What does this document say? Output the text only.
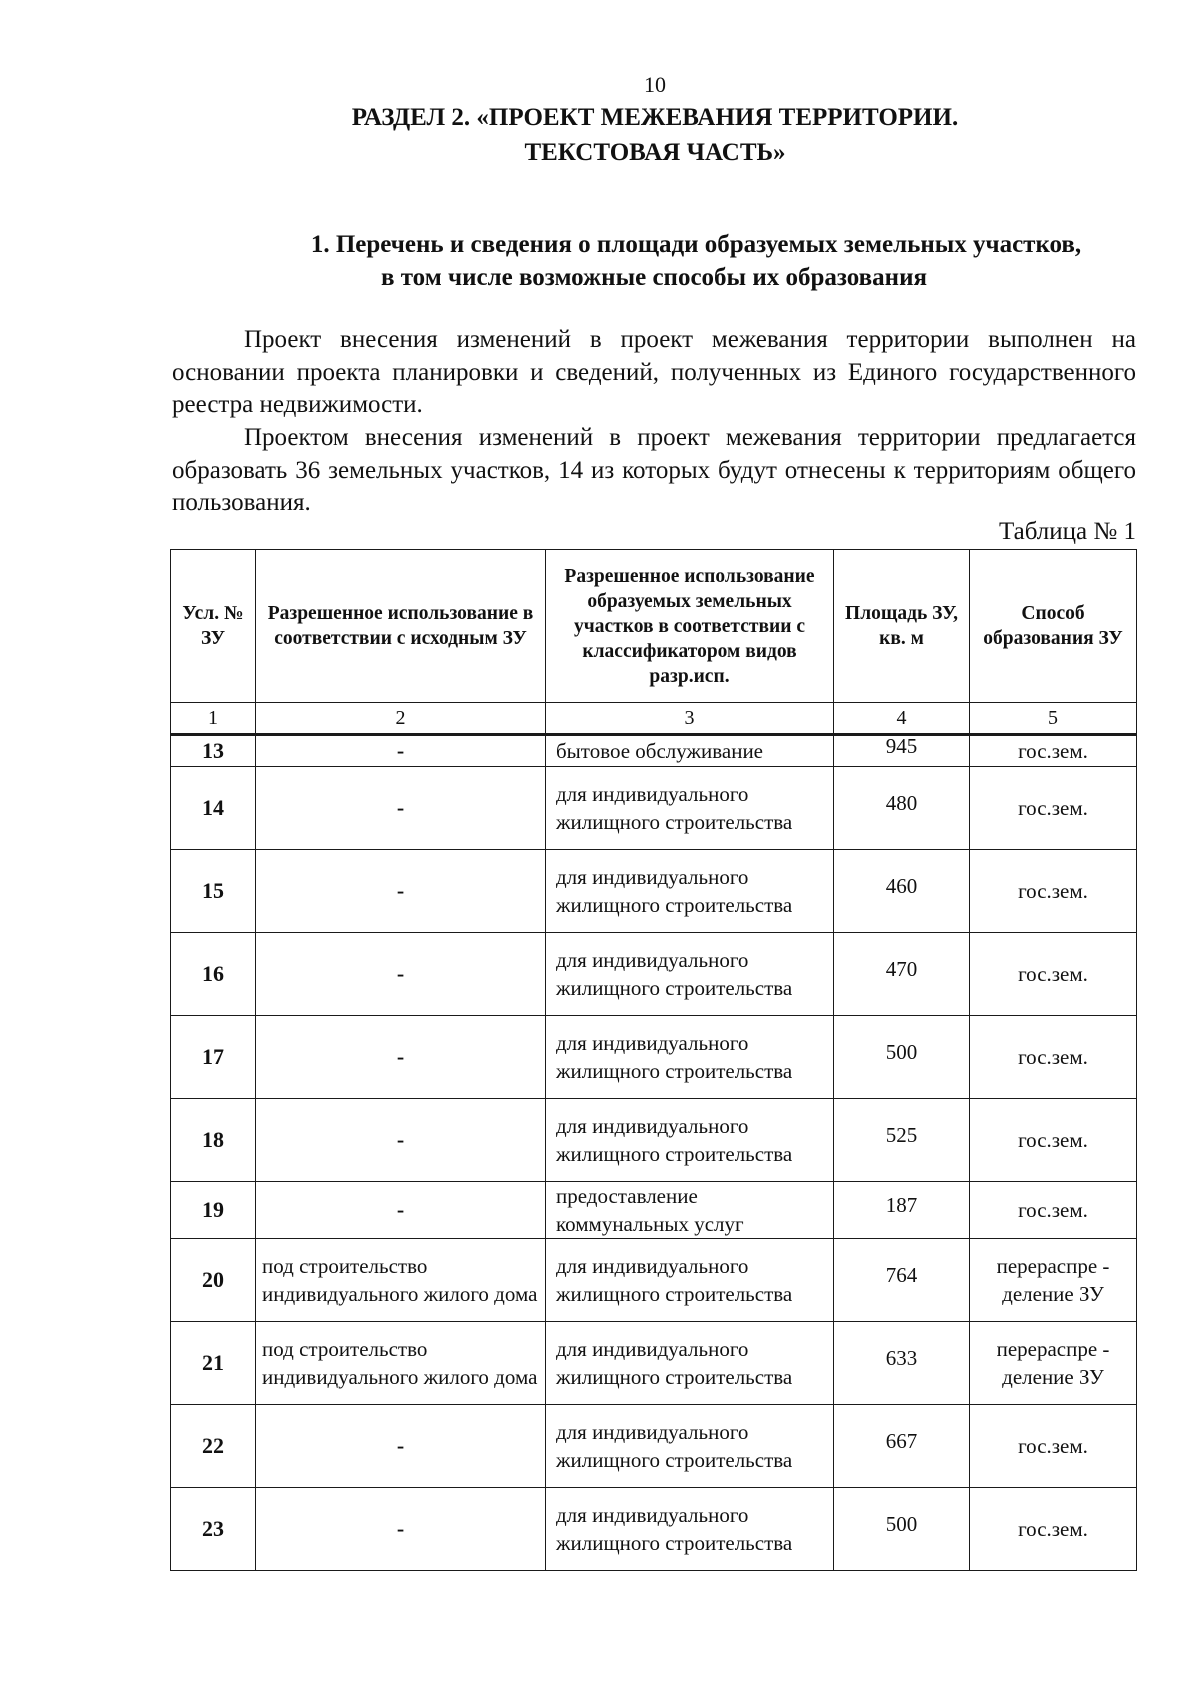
10
РАЗДЕЛ 2. «ПРОЕКТ МЕЖЕВАНИЯ ТЕРРИТОРИИ.
ТЕКСТОВАЯ ЧАСТЬ»
1. Перечень и сведения о площади образуемых земельных участков,
в том числе возможные способы их образования

Проект внесения изменений в проект межевания территории выполнен на основании проекта планировки и сведений, полученных из Единого государственного реестра недвижимости.

Проектом внесения изменений в проект межевания территории предлагается образовать 36 земельных участков, 14 из которых будут отнесены к территориям общего пользования.

Таблица № 1
Усл. № ЗУ	Разрешенное использование в соответствии с исходным ЗУ	Разрешенное использование образуемых земельных участков в соответствии с классификатором видов разр.исп.	Площадь ЗУ, кв. м	Способ образования ЗУ
1	2	3	4	5
13	-	бытовое обслуживание	945	гос.зем.
14	-	для индивидуального жилищного строительства	480	гос.зем.
15	-	для индивидуального жилищного строительства	460	гос.зем.
16	-	для индивидуального жилищного строительства	470	гос.зем.
17	-	для индивидуального жилищного строительства	500	гос.зем.
18	-	для индивидуального жилищного строительства	525	гос.зем.
19	-	предоставление коммунальных услуг	187	гос.зем.
20	под строительство индивидуального жилого дома	для индивидуального жилищного строительства	764	перераспре - деление ЗУ
21	под строительство индивидуального жилого дома	для индивидуального жилищного строительства	633	перераспре - деление ЗУ
22	-	для индивидуального жилищного строительства	667	гос.зем.
23	-	для индивидуального жилищного строительства	500	гос.зем.
